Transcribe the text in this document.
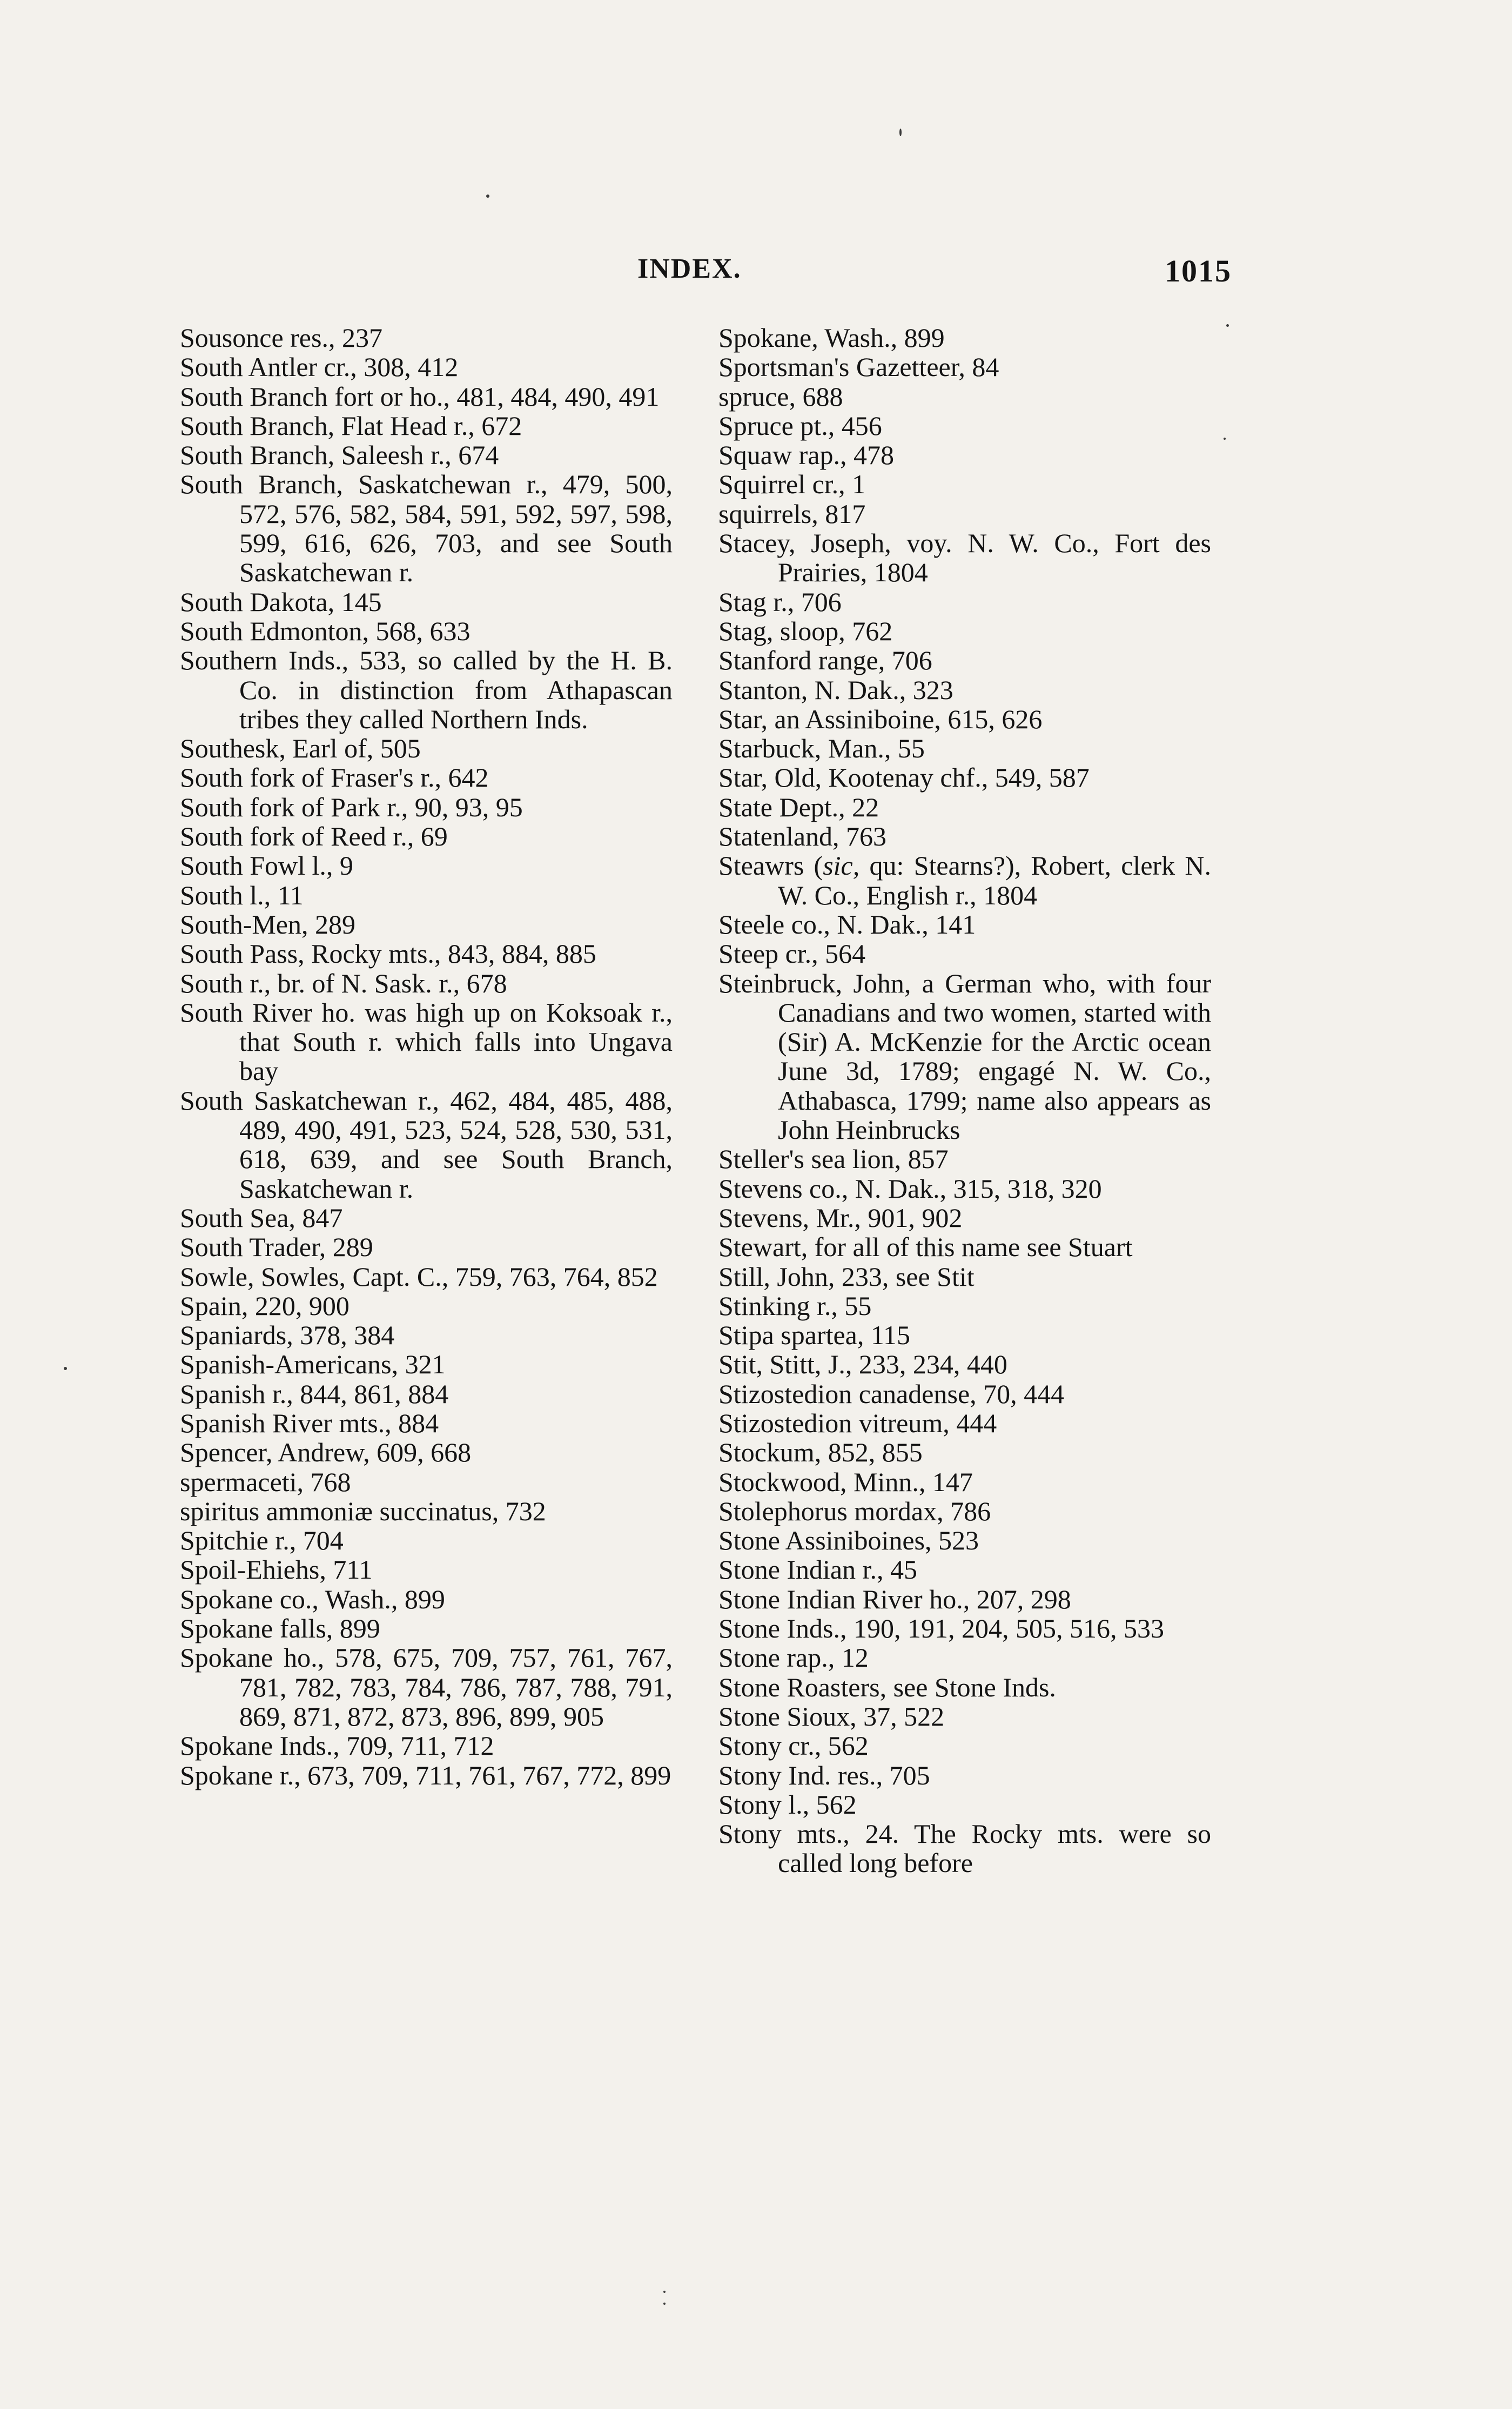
INDEX.	1015

Sousonce res., 237

South Antler cr., 308, 412

South Branch fort or ho., 481, 484, 490, 491

South Branch, Flat Head r., 672

South Branch, Saleesh r., 674

South Branch, Saskatchewan r., 479, 500, 572, 576, 582, 584, 591, 592, 597, 598, 599, 616, 626, 703, and see South Saskatchewan r.

South Dakota, 145

South Edmonton, 568, 633

Southern Inds., 533, so called by the H. B. Co. in distinction from Athapascan tribes they called Northern Inds.

Southesk, Earl of, 505

South fork of Fraser's r., 642

South fork of Park r., 90, 93, 95

South fork of Reed r., 69

South Fowl l., 9

South l., 11

South-Men, 289

South Pass, Rocky mts., 843, 884, 885

South r., br. of N. Sask. r., 678

South River ho. was high up on Koksoak r., that South r. which falls into Ungava bay

South Saskatchewan r., 462, 484, 485, 488, 489, 490, 491, 523, 524, 528, 530, 531, 618, 639, and see South Branch, Saskatchewan r.

South Sea, 847

South Trader, 289

Sowle, Sowles, Capt. C., 759, 763, 764, 852

Spain, 220, 900

Spaniards, 378, 384

Spanish-Americans, 321

Spanish r., 844, 861, 884

Spanish River mts., 884

Spencer, Andrew, 609, 668

spermaceti, 768

spiritus ammoniæ succinatus, 732

Spitchie r., 704

Spoil-Ehiehs, 711

Spokane co., Wash., 899

Spokane falls, 899

Spokane ho., 578, 675, 709, 757, 761, 767, 781, 782, 783, 784, 786, 787, 788, 791, 869, 871, 872, 873, 896, 899, 905

Spokane Inds., 709, 711, 712

Spokane r., 673, 709, 711, 761, 767, 772, 899

Spokane, Wash., 899

Sportsman's Gazetteer, 84

spruce, 688

Spruce pt., 456

Squaw rap., 478

Squirrel cr., 1

squirrels, 817

Stacey, Joseph, voy. N. W. Co., Fort des Prairies, 1804

Stag r., 706

Stag, sloop, 762

Stanford range, 706

Stanton, N. Dak., 323

Star, an Assiniboine, 615, 626

Starbuck, Man., 55

Star, Old, Kootenay chf., 549, 587

State Dept., 22

Statenland, 763

Steawrs (sic, qu: Stearns?), Robert, clerk N. W. Co., English r., 1804

Steele co., N. Dak., 141

Steep cr., 564

Steinbruck, John, a German who, with four Canadians and two women, started with (Sir) A. McKenzie for the Arctic ocean June 3d, 1789; engagé N. W. Co., Athabasca, 1799; name also appears as John Heinbrucks

Steller's sea lion, 857

Stevens co., N. Dak., 315, 318, 320

Stevens, Mr., 901, 902

Stewart, for all of this name see Stuart

Still, John, 233, see Stit

Stinking r., 55

Stipa spartea, 115

Stit, Stitt, J., 233, 234, 440

Stizostedion canadense, 70, 444

Stizostedion vitreum, 444

Stockum, 852, 855

Stockwood, Minn., 147

Stolephorus mordax, 786

Stone Assiniboines, 523

Stone Indian r., 45

Stone Indian River ho., 207, 298

Stone Inds., 190, 191, 204, 505, 516, 533

Stone rap., 12

Stone Roasters, see Stone Inds.

Stone Sioux, 37, 522

Stony cr., 562

Stony Ind. res., 705

Stony l., 562

Stony mts., 24. The Rocky mts. were so called long before
